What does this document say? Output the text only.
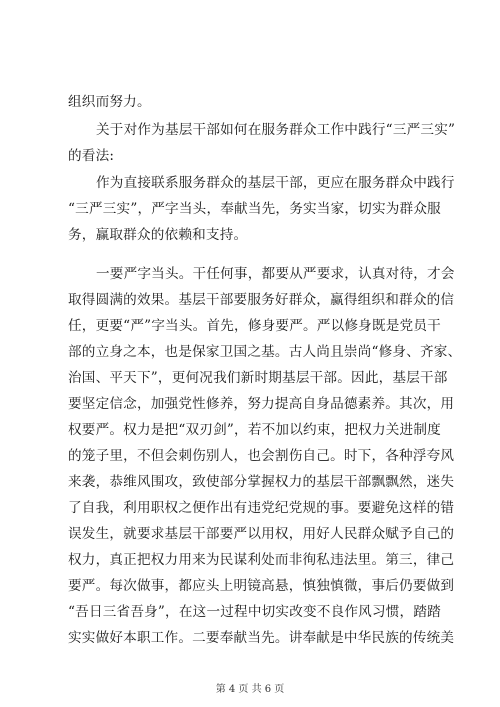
组织而努力。
关于对作为基层干部如何在服务群众工作中践行“三严三实”
的看法:
作为直接联系服务群众的基层干部，更应在服务群众中践行
“三严三实”，严字当头，奉献当先，务实当家，切实为群众服
务，赢取群众的依赖和支持。
一要严字当头。干任何事，都要从严要求，认真对待，才会
取得圆满的效果。基层干部要服务好群众，赢得组织和群众的信
任，更要“严”字当头。首先，修身要严。严以修身既是党员干
部的立身之本，也是保家卫国之基。古人尚且崇尚“修身、齐家、
治国、平天下”，更何况我们新时期基层干部。因此，基层干部
要坚定信念，加强党性修养，努力提高自身品德素养。其次，用
权要严。权力是把“双刃剑”，若不加以约束，把权力关进制度
的笼子里，不但会刺伤别人，也会割伤自己。时下，各种浮夸风
来袭，恭维风围攻，致使部分掌握权力的基层干部飘飘然，迷失
了自我，利用职权之便作出有违党纪党规的事。要避免这样的错
误发生，就要求基层干部要严以用权，用好人民群众赋予自己的
权力，真正把权力用来为民谋利处而非徇私违法里。第三，律己
要严。每次做事，都应头上明镜高悬，慎独慎微，事后仍要做到
“吾日三省吾身”，在这一过程中切实改变不良作风习惯，踏踏
实实做好本职工作。二要奉献当先。讲奉献是中华民族的传统美
第 4 页 共 6 页
